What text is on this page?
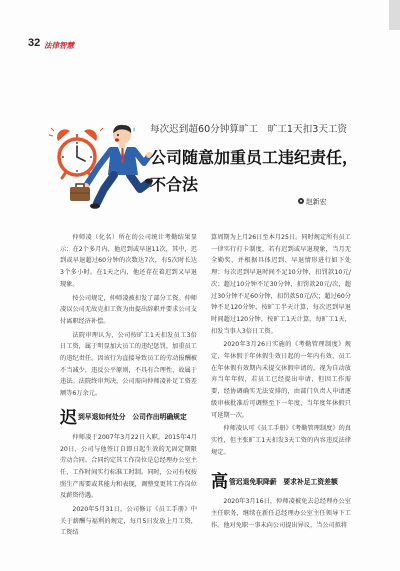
32 法律智慧
每次迟到超60分钟算旷工　旷工1天扣3天工资
公司随意加重员工违纪责任，
不合法
赵新宏

仲师凌（化名）所在的公司统计考勤结果显示：在2个多月内，他迟到或早退11次，其中，迟到或早退超过60分钟的次数达7次，有5次时长达3个多小时。在1天之内，他还存在着迟到又早退现象。

按公司规定，仲师凌被扣发了部分工资。仲师凌以公司无故克扣工资为由提出辞职并要求公司支付离职经济补偿。

法院审理认为，公司按旷工1天扣发员工3倍日工资，属于明显加大员工的违纪惩罚，加重员工的违纪责任。因该行为直接导致员工的劳动报酬被不当减少，违反公平原则，不具有合理性，故属于违法。法院终审判决，公司需向仲师凌补足工资差额等6万余元。

迟 到早退如何处分　公司作出明确规定

仲师凌于2007年3月22日入职。2015年4月20日，公司与他签订自即日起生效的无固定期限劳动合同。合同约定其工作岗位是总经理办公室主任，工作时间实行标准工时制。同时，公司有权按照生产需要或其能力和表现，调整变更其工作岗位及薪资待遇。

2020年5月31日，公司修订《员工手册》中关于薪酬与福利的规定，每月5日发放上月工资，工资结

算周期为上月26日至本月25日。同时规定所有员工一律实行打卡制度，若有迟到或早退现象，当月无全勤奖，并根据具体迟到、早退情形进行如下处理：每次迟到早退时间不足10分钟，扣罚款10元/次；超过10分钟不足30分钟，扣罚款20元/次，超过30分钟不足60分钟，扣罚款50元/次；超过60分钟不足120分钟，按旷工半天计算，每次迟到早退时间超过120分钟，按旷工1天计算，每旷工1天，扣发当事人3倍日工资。

2020年3月26日实施的《考勤管理制度》规定，年休假于年休假生效日起的一年内有效，员工在年休假有效期内未提交休假申请的，视为自动放弃当年年假，若员工已经提出申请，但因工作需要，经协调确实无法安排的，由部门负责人申请逐级审核批准后可调整至下一年度，当年度年休假只可延期一次。

仲师凌认可《员工手册》《考勤管理制度》的真实性，但主张旷工1天扣发3天工资的内容违反法律规定。

高 管迟退免职降薪　要求补足工资差额

2020年3月16日，仲师凌被免去总经理办公室主任职务，继续在新任总经理办公室主任领导下工作。他对免职一事未向公司提出异议，当公司拟将
